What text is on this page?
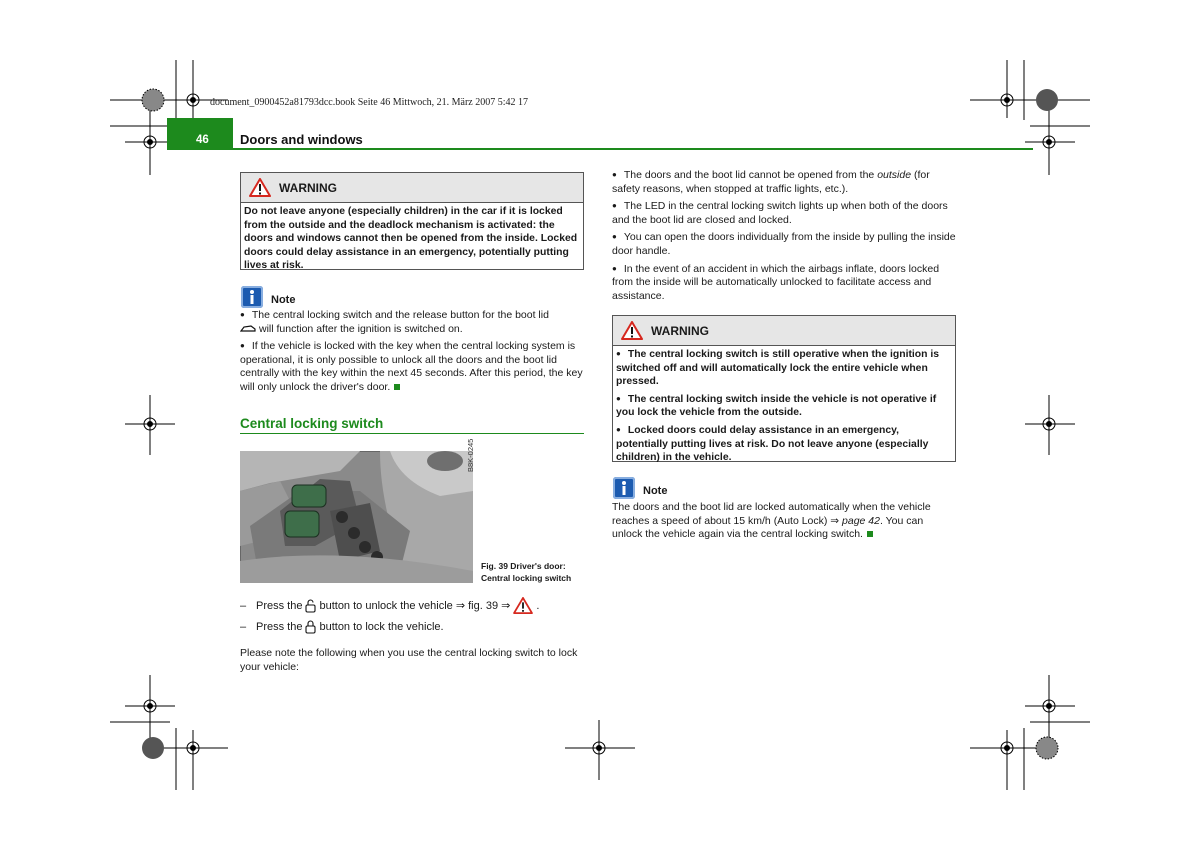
document_0900452a81793dcc.book Seite 46 Mittwoch, 21. März 2007 5:42 17
46 Doors and windows
WARNING
Do not leave anyone (especially children) in the car if it is locked from the outside and the deadlock mechanism is activated: the doors and windows cannot then be opened from the inside. Locked doors could delay assistance in an emergency, potentially putting lives at risk.
Note

● The central locking switch and the release button for the boot lid
will function after the ignition is switched on.

● If the vehicle is locked with the key when the central locking system is operational, it is only possible to unlock all the doors and the boot lid centrally with the key within the next 45 seconds. After this period, the key will only unlock the driver's door.

Central locking switch
B8K-0245
Fig. 39 Driver's door:
Central locking switch
– Press the button to unlock the vehicle ⇒ fig. 39 ⇒ .
– Press the button to lock the vehicle.
Please note the following when you use the central locking switch to lock your vehicle:

● The doors and the boot lid cannot be opened from the outside (for safety reasons, when stopped at traffic lights, etc.).

● The LED in the central locking switch lights up when both of the doors and the boot lid are closed and locked.

● You can open the doors individually from the inside by pulling the inside door handle.

● In the event of an accident in which the airbags inflate, doors locked from the inside will be automatically unlocked to facilitate access and assistance.

WARNING

● The central locking switch is still operative when the ignition is switched off and will automatically lock the entire vehicle when pressed.

● The central locking switch inside the vehicle is not operative if you lock the vehicle from the outside.

● Locked doors could delay assistance in an emergency, potentially putting lives at risk. Do not leave anyone (especially children) in the vehicle.

Note
The doors and the boot lid are locked automatically when the vehicle reaches a speed of about 15 km/h (Auto Lock) ⇒ page 42. You can unlock the vehicle again via the central locking switch.
